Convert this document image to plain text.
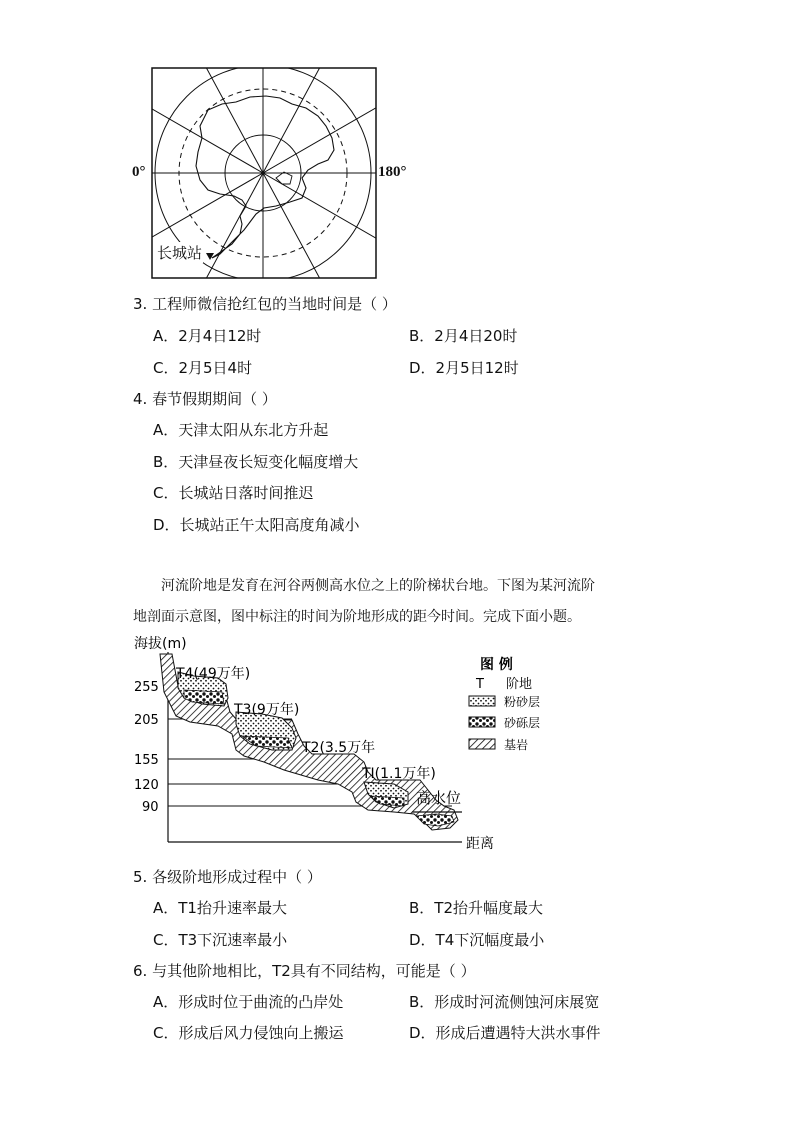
0°	180°
长城站
3. 工程师微信抢红包的当地时间是（ ）
A．2月4日12时	B．2月4日20时
C．2月5日4时	D．2月5日12时
4. 春节假期期间（ ）
A．天津太阳从东北方升起
B．天津昼夜长短变化幅度增大
C．长城站日落时间推迟
D．长城站正午太阳高度角减小
河流阶地是发育在河谷两侧高水位之上的阶梯状台地。下图为某河流阶
地剖面示意图，图中标注的时间为阶地形成的距今时间。完成下面小题。
海拔(m)
距离
255
205
155
120
90
T4(49万年)
T3(9万年)
T2(3.5万年
TI(1.1万年)
高水位
图 例
T 阶地
粉砂层
砂砾层
基岩
5. 各级阶地形成过程中（ ）
A．T1抬升速率最大	B．T2抬升幅度最大
C．T3下沉速率最小	D．T4下沉幅度最小
6. 与其他阶地相比，T2具有不同结构，可能是（ ）
A．形成时位于曲流的凸岸处	B．形成时河流侧蚀河床展宽
C．形成后风力侵蚀向上搬运	D．形成后遭遇特大洪水事件
